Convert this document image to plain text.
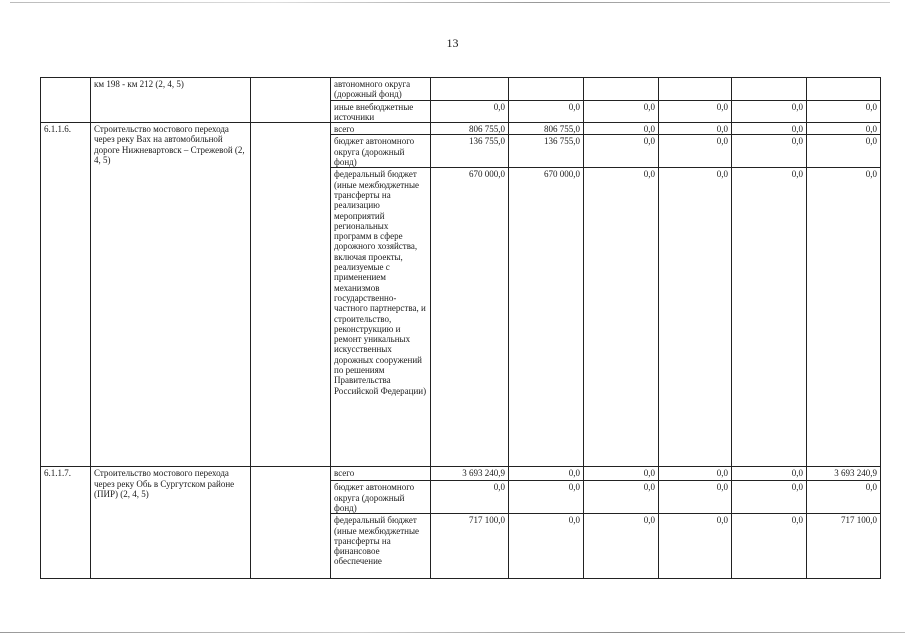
13
	км 198 - км 212 (2, 4, 5)		автономного округа (дорожный фонд)						
			иные внебюджетные источники	0,0	0,0	0,0	0,0	0,0	0,0
6.1.1.6.	Строительство мостового перехода через реку Вах на автомобильной дороге Нижневартовск – Стрежевой (2, 4, 5)		всего	806 755,0	806 755,0	0,0	0,0	0,0	0,0
			бюджет автономного округа (дорожный фонд)	136 755,0	136 755,0	0,0	0,0	0,0	0,0
			федеральный бюджет (иные межбюджетные трансферты на реализацию мероприятий региональных программ в сфере дорожного хозяйства, включая проекты, реализуемые с применением механизмов государственно-частного партнерства, и строительство, реконструкцию и ремонт уникальных искусственных дорожных сооружений по решениям Правительства Российской Федерации)	670 000,0	670 000,0	0,0	0,0	0,0	0,0
6.1.1.7.	Строительство мостового перехода через реку Обь в Сургутском районе (ПИР) (2, 4, 5)		всего	3 693 240,9	0,0	0,0	0,0	0,0	3 693 240,9
			бюджет автономного округа (дорожный фонд)	0,0	0,0	0,0	0,0	0,0	0,0
			федеральный бюджет (иные межбюджетные трансферты на финансовое обеспечение	717 100,0	0,0	0,0	0,0	0,0	717 100,0
